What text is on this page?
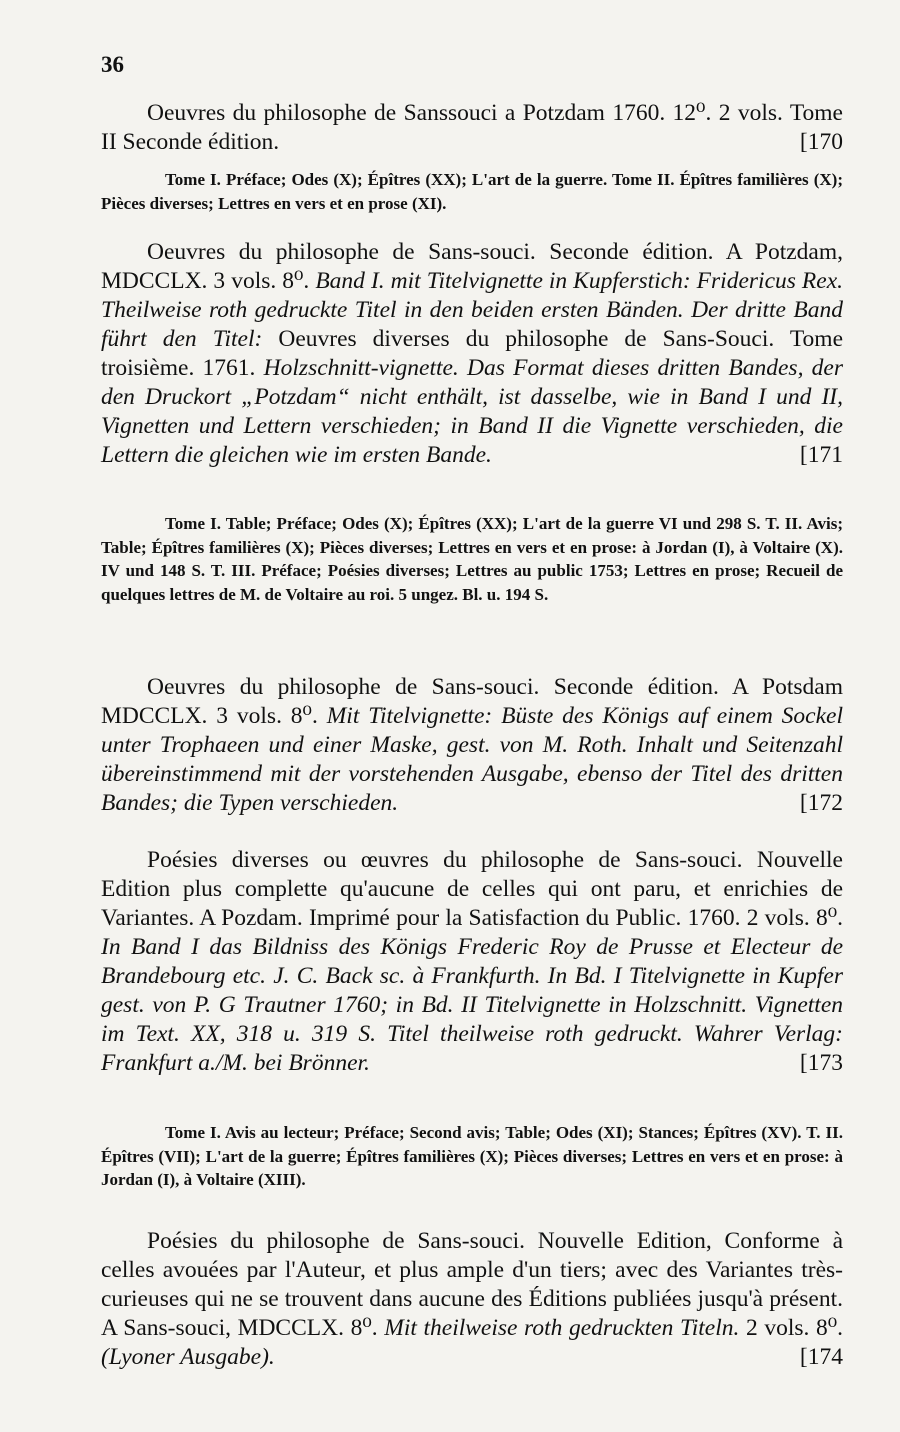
36

Oeuvres du philosophe de Sanssouci a Potzdam 1760. 12⁰. 2 vols. Tome II Seconde édition.	[170

Tome I. Préface; Odes (X); Épîtres (XX); L'art de la guerre. Tome II. Épîtres familières (X); Pièces diverses; Lettres en vers et en prose (XI).

Oeuvres du philosophe de Sans-souci. Seconde édition. A Potzdam, MDCCLX. 3 vols. 8⁰. Band I. mit Titelvignette in Kupferstich: Fridericus Rex. Theilweise roth gedruckte Titel in den beiden ersten Bänden. Der dritte Band führt den Titel: Oeuvres diverses du philosophe de Sans-Souci. Tome troisième. 1761. Holzschnitt-vignette. Das Format dieses dritten Bandes, der den Druckort „Potzdam“ nicht enthält, ist dasselbe, wie in Band I und II, Vignetten und Lettern verschieden; in Band II die Vignette verschieden, die Lettern die gleichen wie im ersten Bande.	[171

Tome I. Table; Préface; Odes (X); Épîtres (XX); L'art de la guerre VI und 298 S. T. II. Avis; Table; Épîtres familières (X); Pièces diverses; Lettres en vers et en prose: à Jordan (I), à Voltaire (X). IV und 148 S. T. III. Préface; Poésies diverses; Lettres au public 1753; Lettres en prose; Recueil de quelques lettres de M. de Voltaire au roi. 5 ungez. Bl. u. 194 S.

Oeuvres du philosophe de Sans-souci. Seconde édition. A Potsdam MDCCLX. 3 vols. 8⁰. Mit Titelvignette: Büste des Königs auf einem Sockel unter Trophaeen und einer Maske, gest. von M. Roth. Inhalt und Seitenzahl übereinstimmend mit der vorstehenden Ausgabe, ebenso der Titel des dritten Bandes; die Typen verschieden.	[172

Poésies diverses ou œuvres du philosophe de Sans-souci. Nouvelle Edition plus complette qu'aucune de celles qui ont paru, et enrichies de Variantes. A Pozdam. Imprimé pour la Satisfaction du Public. 1760. 2 vols. 8⁰. In Band I das Bildniss des Königs Frederic Roy de Prusse et Electeur de Brandebourg etc. J. C. Back sc. à Frankfurth. In Bd. I Titelvignette in Kupfer gest. von P. G Trautner 1760; in Bd. II Titelvignette in Holzschnitt. Vignetten im Text. XX, 318 u. 319 S. Titel theilweise roth gedruckt. Wahrer Verlag: Frankfurt a./M. bei Brönner.	[173

Tome I. Avis au lecteur; Préface; Second avis; Table; Odes (XI); Stances; Épîtres (XV). T. II. Épîtres (VII); L'art de la guerre; Épîtres familières (X); Pièces diverses; Lettres en vers et en prose: à Jordan (I), à Voltaire (XIII).

Poésies du philosophe de Sans-souci. Nouvelle Edition, Conforme à celles avouées par l'Auteur, et plus ample d'un tiers; avec des Variantes très-curieuses qui ne se trouvent dans aucune des Éditions publiées jusqu'à présent. A Sans-souci, MDCCLX. 8⁰. Mit theilweise roth gedruckten Titeln. 2 vols. 8⁰. (Lyoner Ausgabe).	[174
